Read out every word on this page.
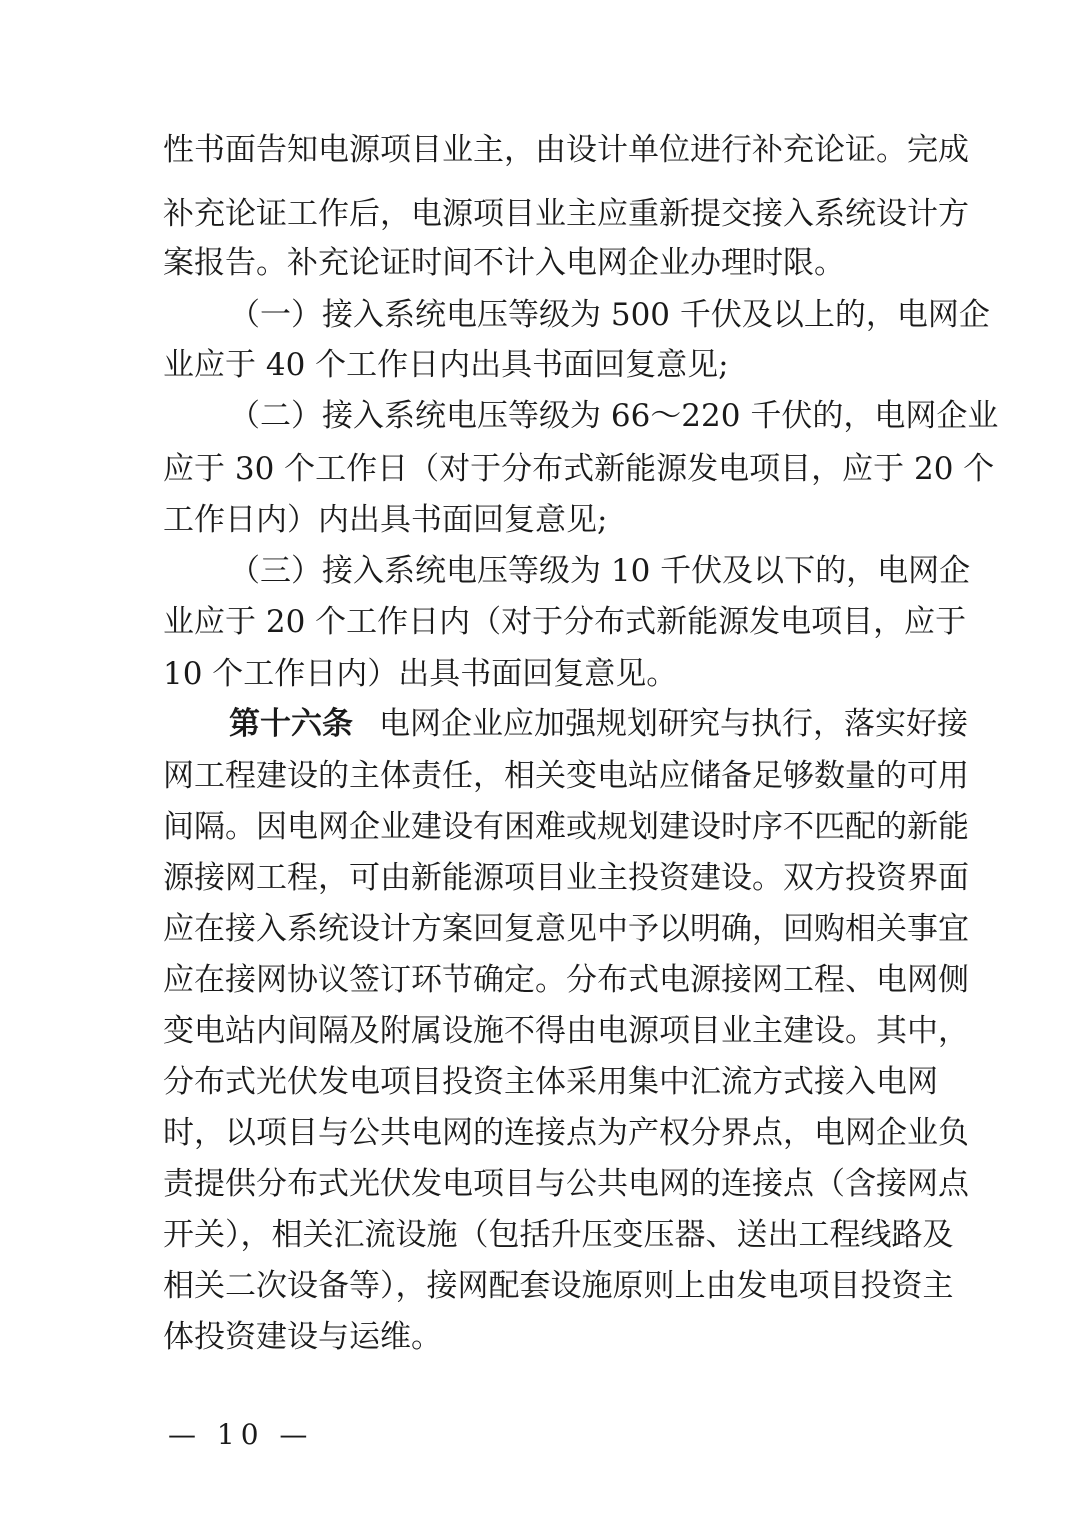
性书面告知电源项目业主，由设计单位进行补充论证。完成
补充论证工作后，电源项目业主应重新提交接入系统设计方
案报告。补充论证时间不计入电网企业办理时限。
（一）接入系统电压等级为 500 千伏及以上的，电网企
业应于 40 个工作日内出具书面回复意见;
（二）接入系统电压等级为 66～220 千伏的，电网企业
应于 30 个工作日（对于分布式新能源发电项目，应于 20 个
工作日内）内出具书面回复意见;
（三）接入系统电压等级为 10 千伏及以下的，电网企
业应于 20 个工作日内（对于分布式新能源发电项目，应于
10 个工作日内）出具书面回复意见。
第十六条 电网企业应加强规划研究与执行，落实好接
网工程建设的主体责任，相关变电站应储备足够数量的可用
间隔。因电网企业建设有困难或规划建设时序不匹配的新能
源接网工程，可由新能源项目业主投资建设。双方投资界面
应在接入系统设计方案回复意见中予以明确，回购相关事宜
应在接网协议签订环节确定。分布式电源接网工程、电网侧
变电站内间隔及附属设施不得由电源项目业主建设。其中，
分布式光伏发电项目投资主体采用集中汇流方式接入电网
时，以项目与公共电网的连接点为产权分界点，电网企业负
责提供分布式光伏发电项目与公共电网的连接点（含接网点
开关），相关汇流设施（包括升压变压器、送出工程线路及
相关二次设备等），接网配套设施原则上由发电项目投资主
体投资建设与运维。
— 10 —
